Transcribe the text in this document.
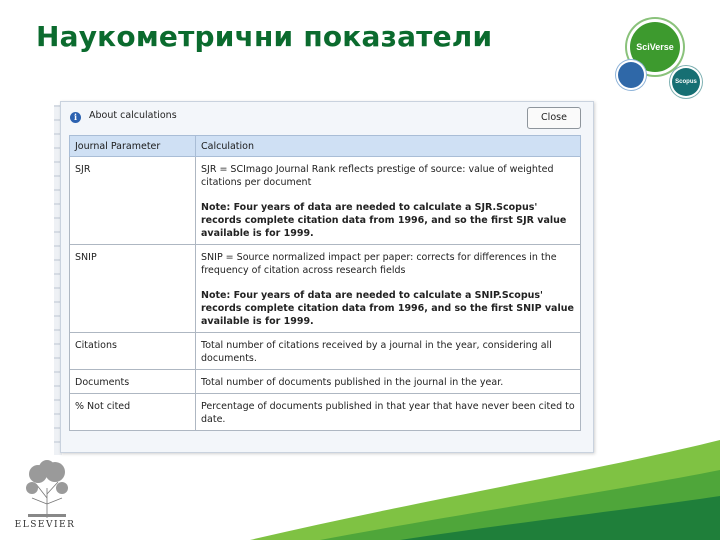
Наукометрични показатели	SciVerse
Scopus
i	About calculations	Close
Journal Parameter	Calculation
SJR	SJR = SCImago Journal Rank reflects prestige of source: value of weighted citations per document
Note: Four years of data are needed to calculate a SJR.Scopus' records complete citation data from 1996, and so the first SJR value available is for 1999.

SNIP	SNIP = Source normalized impact per paper: corrects for differences in the frequency of citation across research fields
Note: Four years of data are needed to calculate a SNIP.Scopus' records complete citation data from 1996, and so the first SNIP value available is for 1999.

Citations	Total number of citations received by a journal in the year, considering all documents.
Documents	Total number of documents published in the journal in the year.
% Not cited	Percentage of documents published in that year that have never been cited to date.
ELSEVIER
